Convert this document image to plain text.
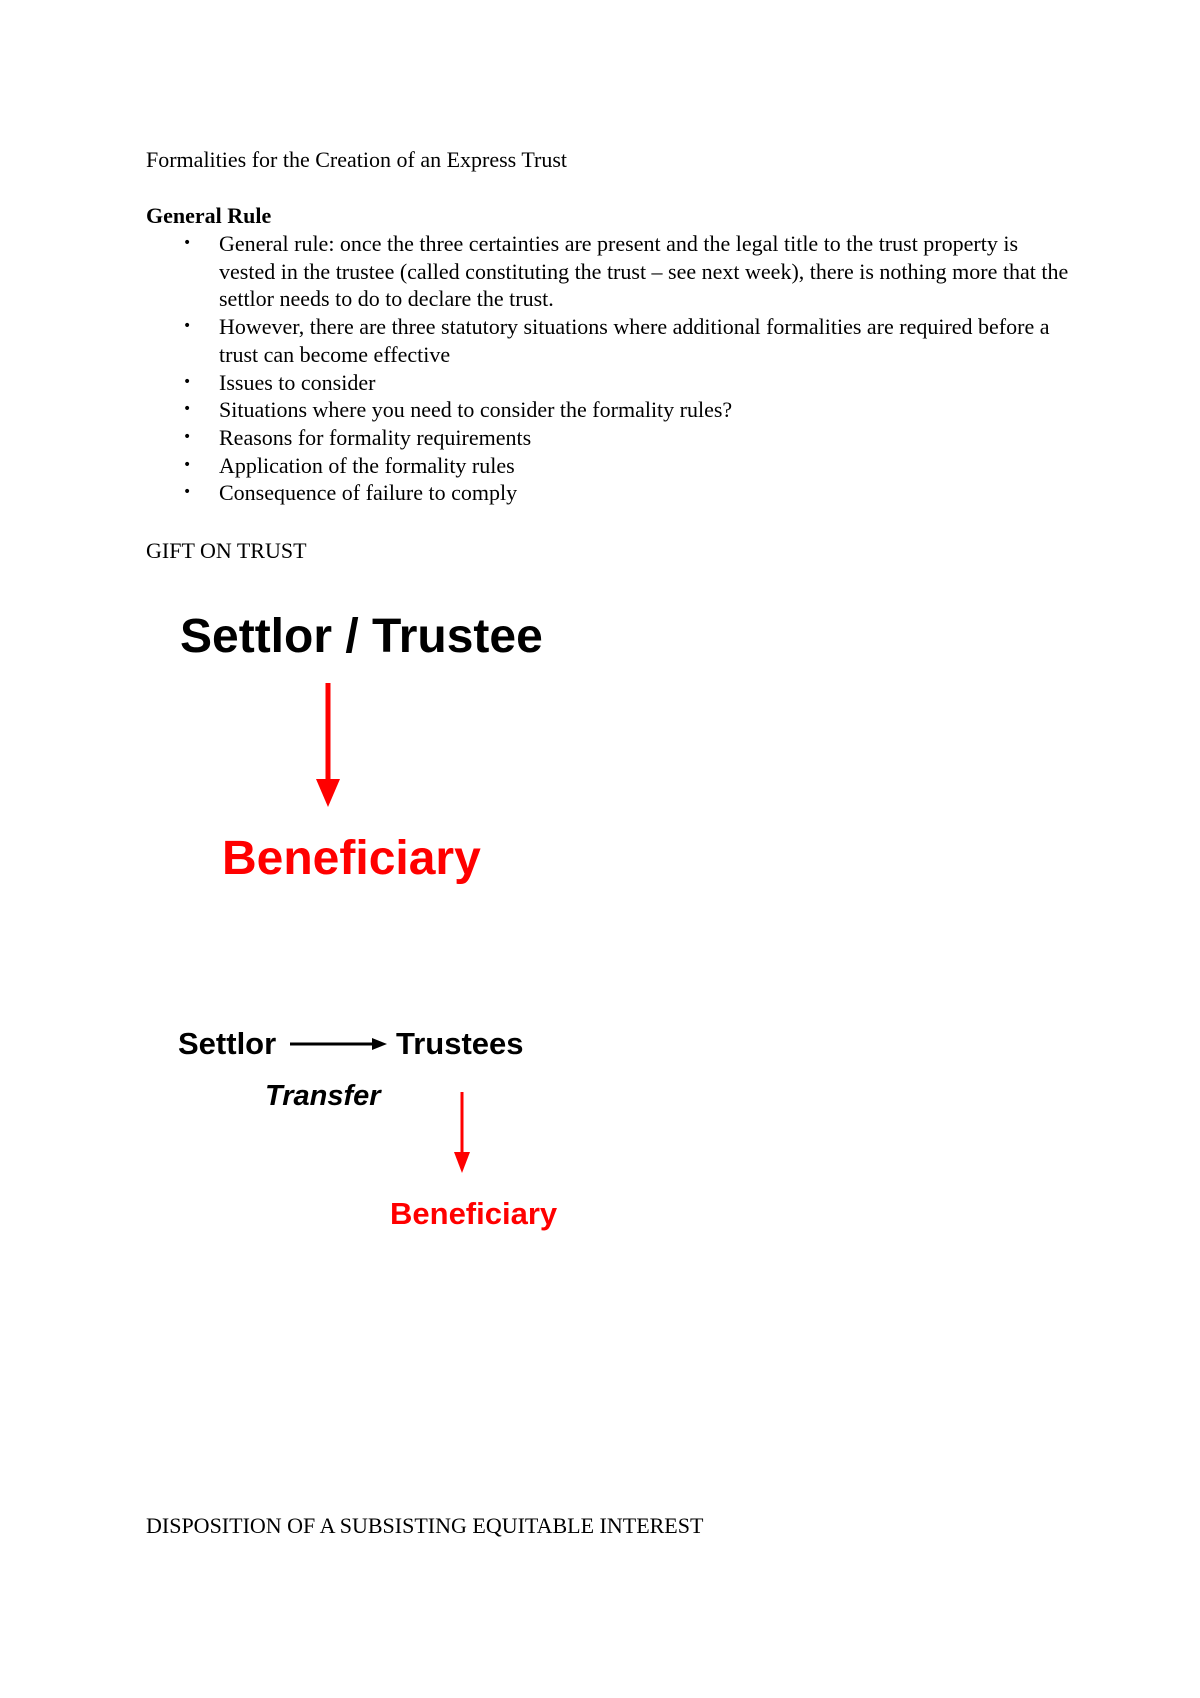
Formalities for the Creation of an Express Trust
General Rule
• General rule: once the three certainties are present and the legal title to the trust property is vested in the trustee (called constituting the trust – see next week), there is nothing more that the settlor needs to do to declare the trust.
• However, there are three statutory situations where additional formalities are required before a trust can become effective
• Issues to consider
• Situations where you need to consider the formality rules?
• Reasons for formality requirements
• Application of the formality rules
• Consequence of failure to comply
GIFT ON TRUST
Settlor / Trustee
Beneficiary
Settlor	Trustees
Transfer
Beneficiary
DISPOSITION OF A SUBSISTING EQUITABLE INTEREST
